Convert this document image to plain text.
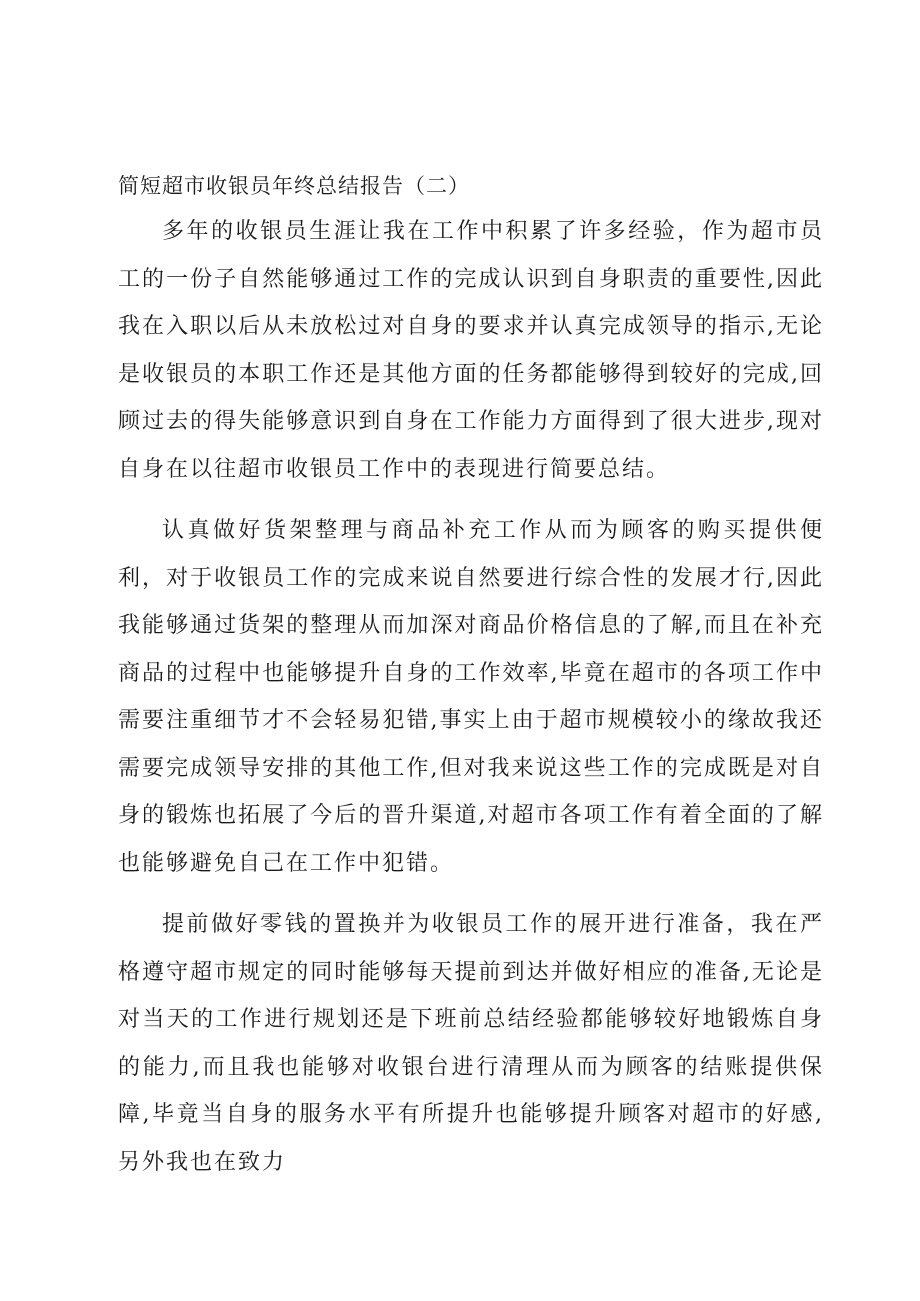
简短超市收银员年终总结报告（二）

多年的收银员生涯让我在工作中积累了许多经验，作为超市员工的一份子自然能够通过工作的完成认识到自身职责的重要性,因此我在入职以后从未放松过对自身的要求并认真完成领导的指示,无论是收银员的本职工作还是其他方面的任务都能够得到较好的完成,回顾过去的得失能够意识到自身在工作能力方面得到了很大进步,现对自身在以往超市收银员工作中的表现进行简要总结。

认真做好货架整理与商品补充工作从而为顾客的购买提供便利，对于收银员工作的完成来说自然要进行综合性的发展才行,因此我能够通过货架的整理从而加深对商品价格信息的了解,而且在补充商品的过程中也能够提升自身的工作效率,毕竟在超市的各项工作中需要注重细节才不会轻易犯错,事实上由于超市规模较小的缘故我还需要完成领导安排的其他工作,但对我来说这些工作的完成既是对自身的锻炼也拓展了今后的晋升渠道,对超市各项工作有着全面的了解也能够避免自己在工作中犯错。

提前做好零钱的置换并为收银员工作的展开进行准备，我在严格遵守超市规定的同时能够每天提前到达并做好相应的准备,无论是对当天的工作进行规划还是下班前总结经验都能够较好地锻炼自身的能力,而且我也能够对收银台进行清理从而为顾客的结账提供保障,毕竟当自身的服务水平有所提升也能够提升顾客对超市的好感,另外我也在致力
